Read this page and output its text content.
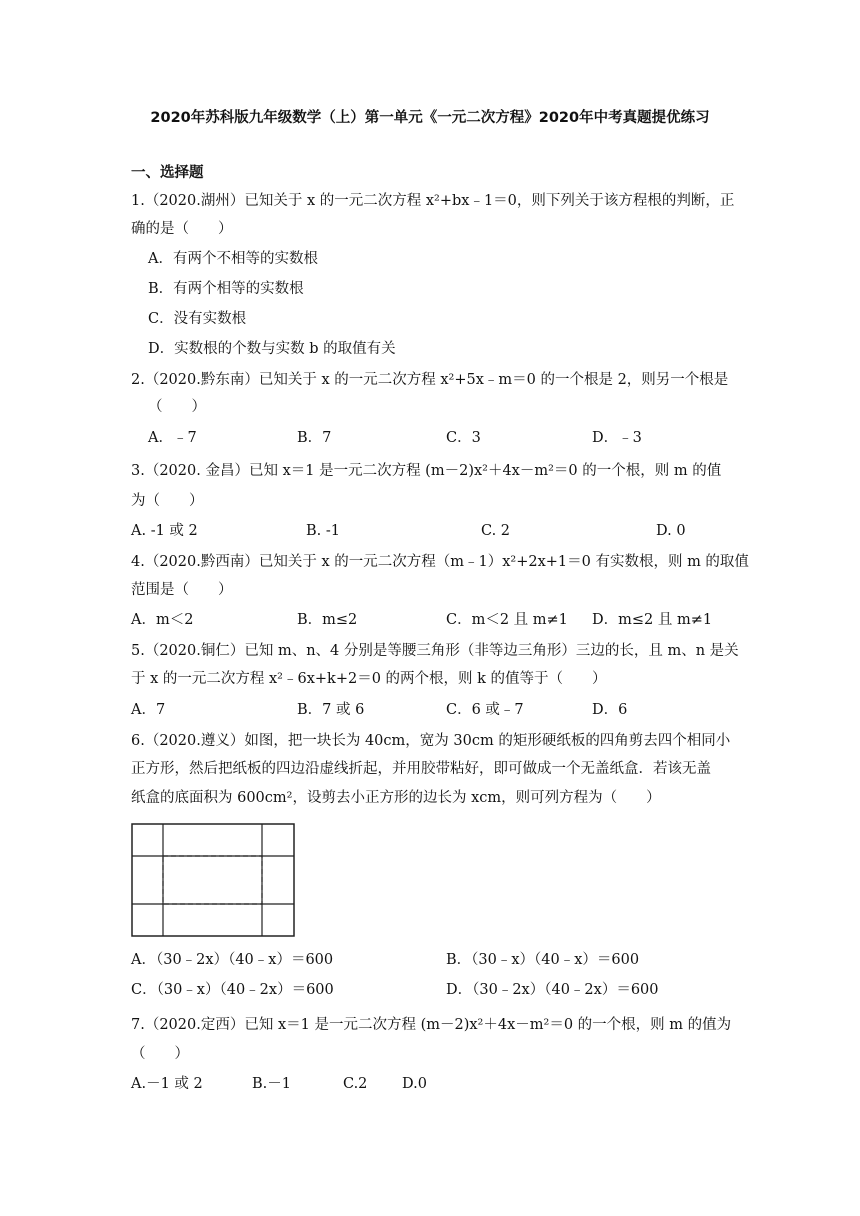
2020年苏科版九年级数学（上）第一单元《一元二次方程》2020年中考真题提优练习
一、选择题
1.（2020.湖州）已知关于 x 的一元二次方程 x²+bx﹣1＝0，则下列关于该方程根的判断，正
确的是（　　）
A．有两个不相等的实数根
B．有两个相等的实数根
C．没有实数根
D．实数根的个数与实数 b 的取值有关
2.（2020.黔东南）已知关于 x 的一元二次方程 x²+5x﹣m＝0 的一个根是 2，则另一个根是
（　　）
A．﹣7	B．7	C．3	D．﹣3
3.（2020. 金昌）已知 x＝1 是一元二次方程 (m－2)x²＋4x－m²＝0 的一个根，则 m 的值
为（　　）
A. -1 或 2	B. -1	C. 2	D. 0
4.（2020.黔西南）已知关于 x 的一元二次方程（m﹣1）x²+2x+1＝0 有实数根，则 m 的取值
范围是（　　）
A．m＜2	B．m≤2	C．m＜2 且 m≠1 D．m≤2 且 m≠1
5.（2020.铜仁）已知 m、n、4 分别是等腰三角形（非等边三角形）三边的长，且 m、n 是关
于 x 的一元二次方程 x²﹣6x+k+2＝0 的两个根，则 k 的值等于（　　）
A．7	B．7 或 6	C．6 或﹣7	D．6
6.（2020.遵义）如图，把一块长为 40cm，宽为 30cm 的矩形硬纸板的四角剪去四个相同小
正方形，然后把纸板的四边沿虚线折起，并用胶带粘好，即可做成一个无盖纸盒．若该无盖
纸盒的底面积为 600cm²，设剪去小正方形的边长为 xcm，则可列方程为（　　）
A．（30﹣2x）（40﹣x）＝600	B．（30﹣x）（40﹣x）＝600
C．（30﹣x）（40﹣2x）＝600	D．（30﹣2x）（40﹣2x）＝600
7.（2020.定西）已知 x＝1 是一元二次方程 (m－2)x²＋4x－m²＝0 的一个根，则 m 的值为
（　　）
A.－1 或 2	B.－1	C.2 D.0
